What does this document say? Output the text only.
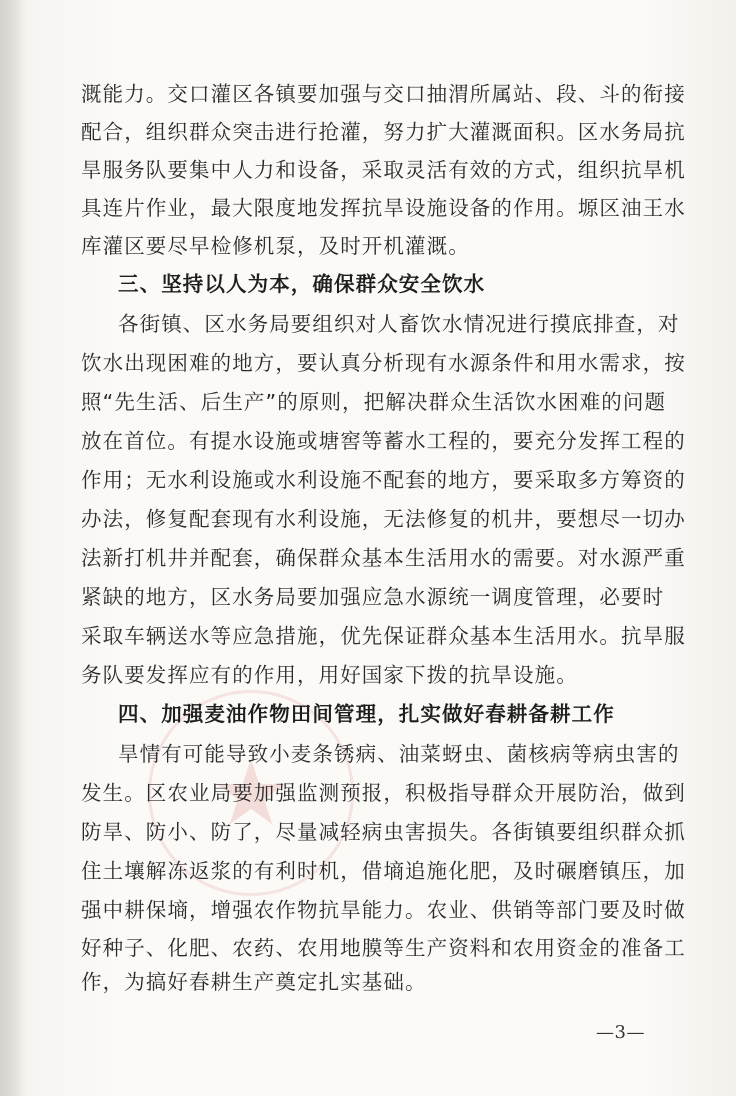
★
溉能力。交口灌区各镇要加强与交口抽渭所属站、段、斗的衔接
配合，组织群众突击进行抢灌，努力扩大灌溉面积。区水务局抗
旱服务队要集中人力和设备，采取灵活有效的方式，组织抗旱机
具连片作业，最大限度地发挥抗旱设施设备的作用。塬区油王水
库灌区要尽早检修机泵，及时开机灌溉。
三、坚持以人为本，确保群众安全饮水
各街镇、区水务局要组织对人畜饮水情况进行摸底排查，对
饮水出现困难的地方，要认真分析现有水源条件和用水需求，按
照“先生活、后生产”的原则，把解决群众生活饮水困难的问题
放在首位。有提水设施或塘窖等蓄水工程的，要充分发挥工程的
作用；无水利设施或水利设施不配套的地方，要采取多方筹资的
办法，修复配套现有水利设施，无法修复的机井，要想尽一切办
法新打机井并配套，确保群众基本生活用水的需要。对水源严重
紧缺的地方，区水务局要加强应急水源统一调度管理，必要时
采取车辆送水等应急措施，优先保证群众基本生活用水。抗旱服
务队要发挥应有的作用，用好国家下拨的抗旱设施。
四、加强麦油作物田间管理，扎实做好春耕备耕工作
旱情有可能导致小麦条锈病、油菜蚜虫、菌核病等病虫害的
发生。区农业局要加强监测预报，积极指导群众开展防治，做到
防旱、防小、防了，尽量减轻病虫害损失。各街镇要组织群众抓
住土壤解冻返浆的有利时机，借墒追施化肥，及时碾磨镇压，加
强中耕保墒，增强农作物抗旱能力。农业、供销等部门要及时做
好种子、化肥、农药、农用地膜等生产资料和农用资金的准备工
作，为搞好春耕生产奠定扎实基础。
—3—
